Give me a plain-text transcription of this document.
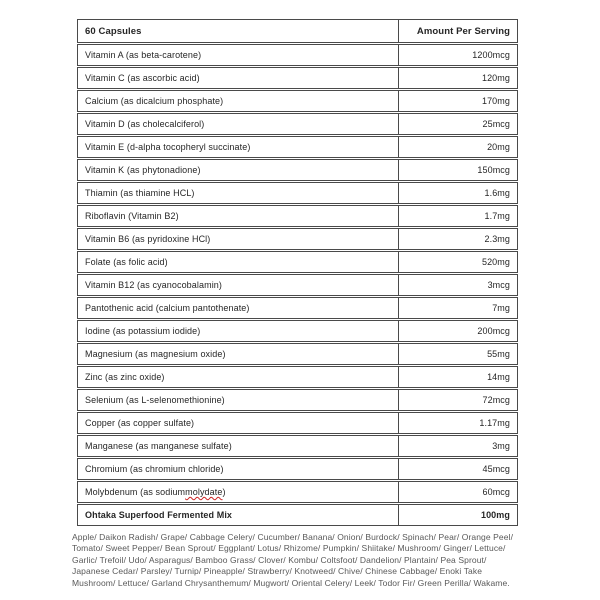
60 Capsules	Amount Per Serving
Vitamin A (as beta-carotene)	1200mcg
Vitamin C (as ascorbic acid)	120mg
Calcium (as dicalcium phosphate)	170mg
Vitamin D (as cholecalciferol)	25mcg
Vitamin E (d-alpha tocopheryl succinate)	20mg
Vitamin K (as phytonadione)	150mcg
Thiamin (as thiamine HCL)	1.6mg
Riboflavin (Vitamin B2)	1.7mg
Vitamin B6 (as pyridoxine HCl)	2.3mg
Folate (as folic acid)	520mg
Vitamin B12 (as cyanocobalamin)	3mcg
Pantothenic acid (calcium pantothenate)	7mg
Iodine (as potassium iodide)	200mcg
Magnesium (as magnesium oxide)	55mg
Zinc (as zinc oxide)	14mg
Selenium (as L-selenomethionine)	72mcg
Copper (as copper sulfate)	1.17mg
Manganese (as manganese sulfate)	3mg
Chromium (as chromium chloride)	45mcg
Molybdenum (as sodium molydate )	60mcg
Ohtaka Superfood Fermented Mix	100mg
Apple/ Daikon Radish/ Grape/ Cabbage Celery/ Cucumber/ Banana/ Onion/ Burdock/ Spinach/ Pear/ Orange Peel/
Tomato/ Sweet Pepper/ Bean Sprout/ Eggplant/ Lotus/ Rhizome/ Pumpkin/ Shiitake/ Mushroom/ Ginger/ Lettuce/
Garlic/ Trefoil/ Udo/ Asparagus/ Bamboo Grass/ Clover/ Kombu/ Coltsfoot/ Dandelion/ Plantain/ Pea Sprout/
Japanese Cedar/ Parsley/ Turnip/ Pineapple/ Strawberry/ Knotweed/ Chive/ Chinese Cabbage/ Enoki Take
Mushroom/ Lettuce/ Garland Chrysanthemum/ Mugwort/ Oriental Celery/ Leek/ Todor Fir/ Green Perilla/ Wakame.
